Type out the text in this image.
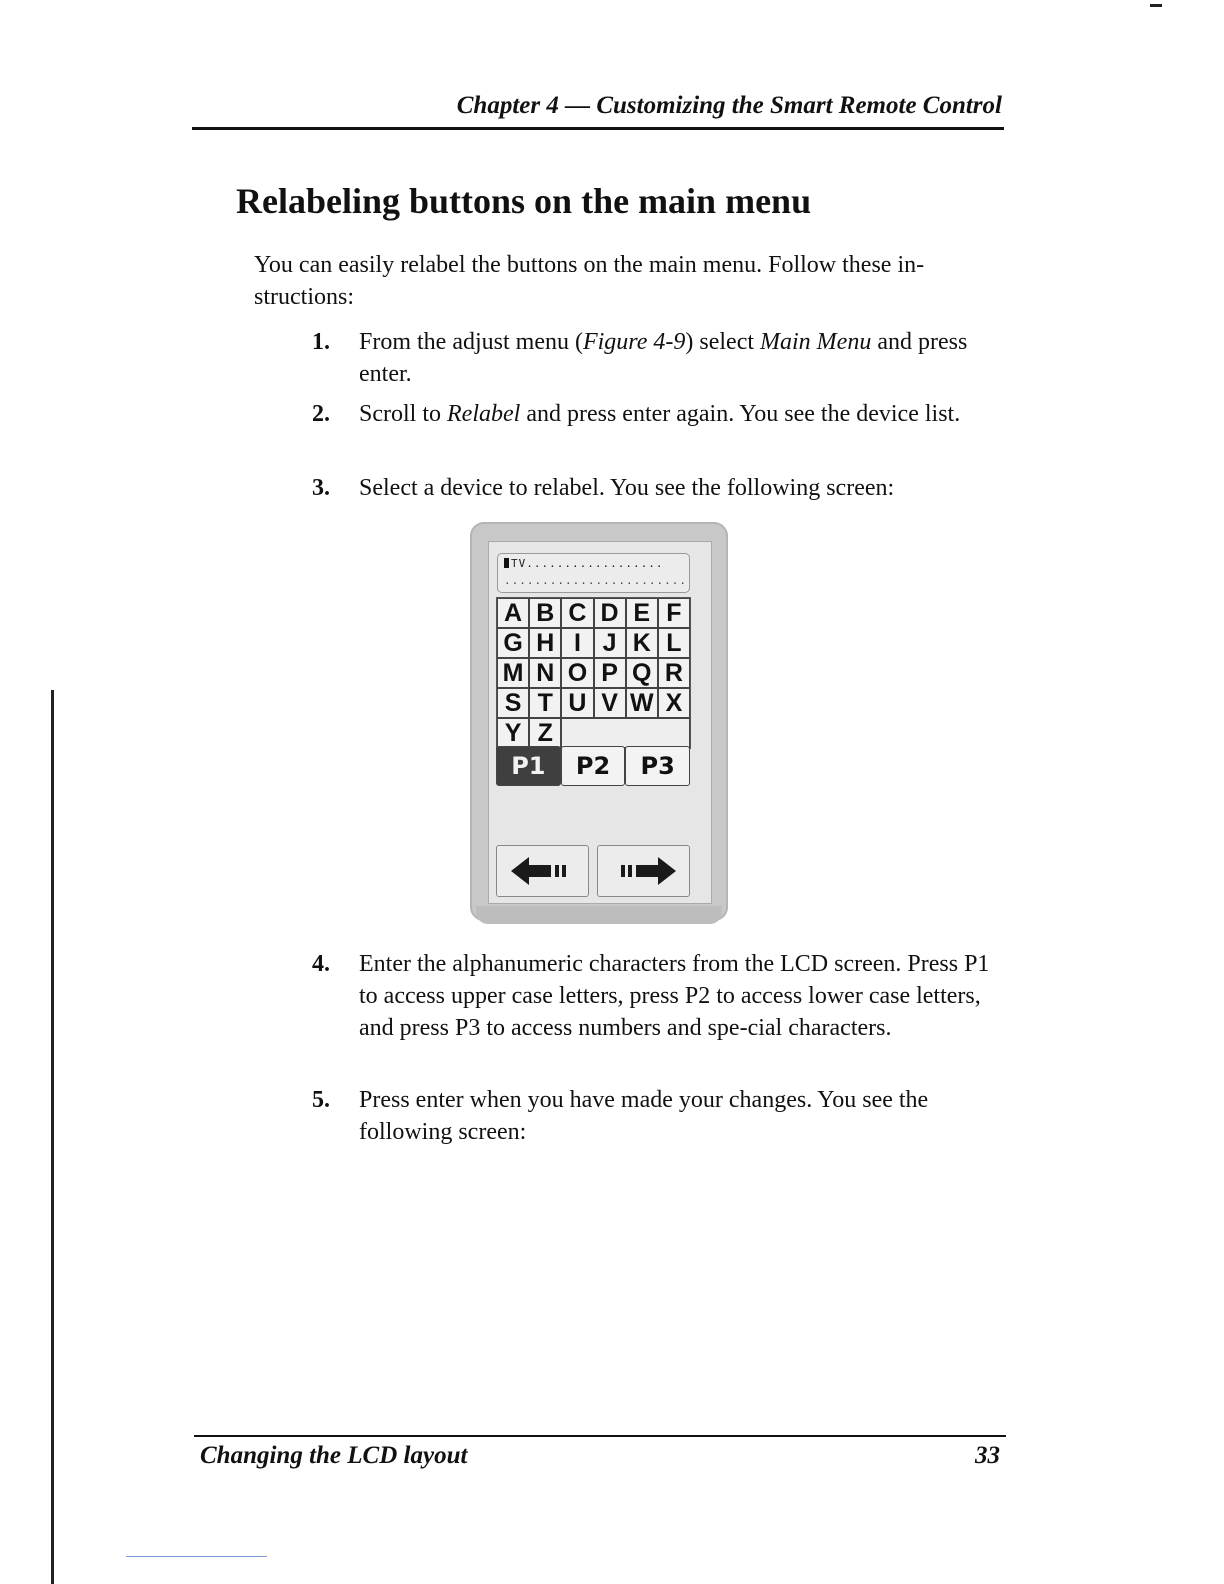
Chapter 4 — Customizing the Smart Remote Control
Relabeling buttons on the main menu
You can easily relabel the buttons on the main menu. Follow these in-structions:
1. From the adjust menu (Figure 4-9) select Main Menu and press enter.
2. Scroll to Relabel and press enter again. You see the device list.
3. Select a device to relabel. You see the following screen:
TV..................
........................
A B C D E F
G H I J K L
M N O P Q R
S T U V W X
Y Z
P1	P2	P3
4. Enter the alphanumeric characters from the LCD screen. Press P1 to access upper case letters, press P2 to access lower case letters, and press P3 to access numbers and spe-cial characters.
5. Press enter when you have made your changes. You see the following screen:
Changing the LCD layout	33
